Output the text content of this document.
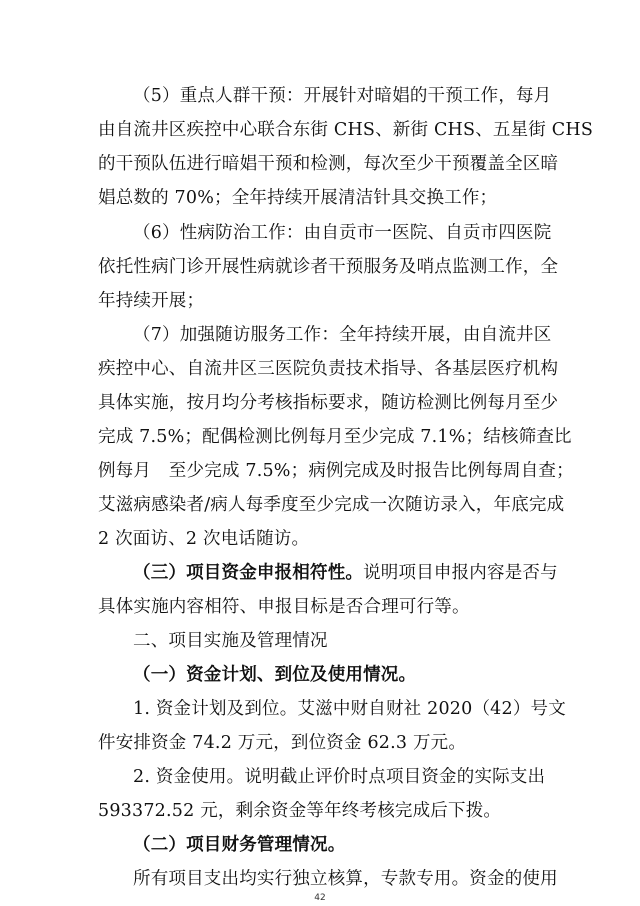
（5）重点人群干预：开展针对暗娼的干预工作，每月
由自流井区疾控中心联合东街 CHS、新街 CHS、五星街 CHS
的干预队伍进行暗娼干预和检测，每次至少干预覆盖全区暗
娼总数的 70%；全年持续开展清洁针具交换工作；
（6）性病防治工作：由自贡市一医院、自贡市四医院
依托性病门诊开展性病就诊者干预服务及哨点监测工作，全
年持续开展；
（7）加强随访服务工作：全年持续开展，由自流井区
疾控中心、自流井区三医院负责技术指导、各基层医疗机构
具体实施，按月均分考核指标要求，随访检测比例每月至少
完成 7.5%；配偶检测比例每月至少完成 7.1%；结核筛查比
例每月　至少完成 7.5%；病例完成及时报告比例每周自查；
艾滋病感染者/病人每季度至少完成一次随访录入，年底完成
2 次面访、2 次电话随访。
（三）项目资金申报相符性。说明项目申报内容是否与
具体实施内容相符、申报目标是否合理可行等。
二、项目实施及管理情况
（一）资金计划、到位及使用情况。
1. 资金计划及到位。艾滋中财自财社 2020（42）号文
件安排资金 74.2 万元，到位资金 62.3 万元。
2. 资金使用。说明截止评价时点项目资金的实际支出
593372.52 元，剩余资金等年终考核完成后下拨。
（二）项目财务管理情况。
所有项目支出均实行独立核算，专款专用。资金的使用
42
